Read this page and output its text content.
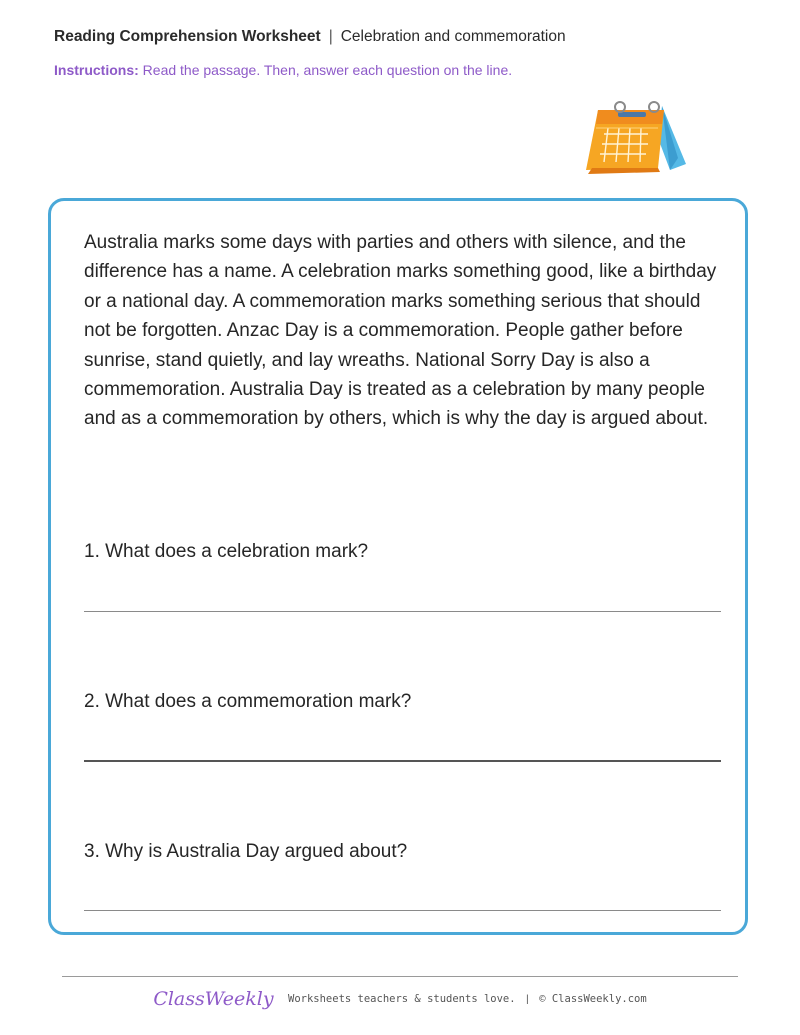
Reading Comprehension Worksheet | Celebration and commemoration
Instructions: Read the passage. Then, answer each question on the line.

Australia marks some days with parties and others with silence, and the difference has a name. A celebration marks something good, like a birthday or a national day. A commemoration marks something serious that should not be forgotten. Anzac Day is a commemoration. People gather before sunrise, stand quietly, and lay wreaths. National Sorry Day is also a commemoration. Australia Day is treated as a celebration by many people and as a commemoration by others, which is why the day is argued about.

1. What does a celebration mark?

2. What does a commemoration mark?

3. Why is Australia Day argued about?

ClassWeekly Worksheets teachers & students love. | © ClassWeekly.com
